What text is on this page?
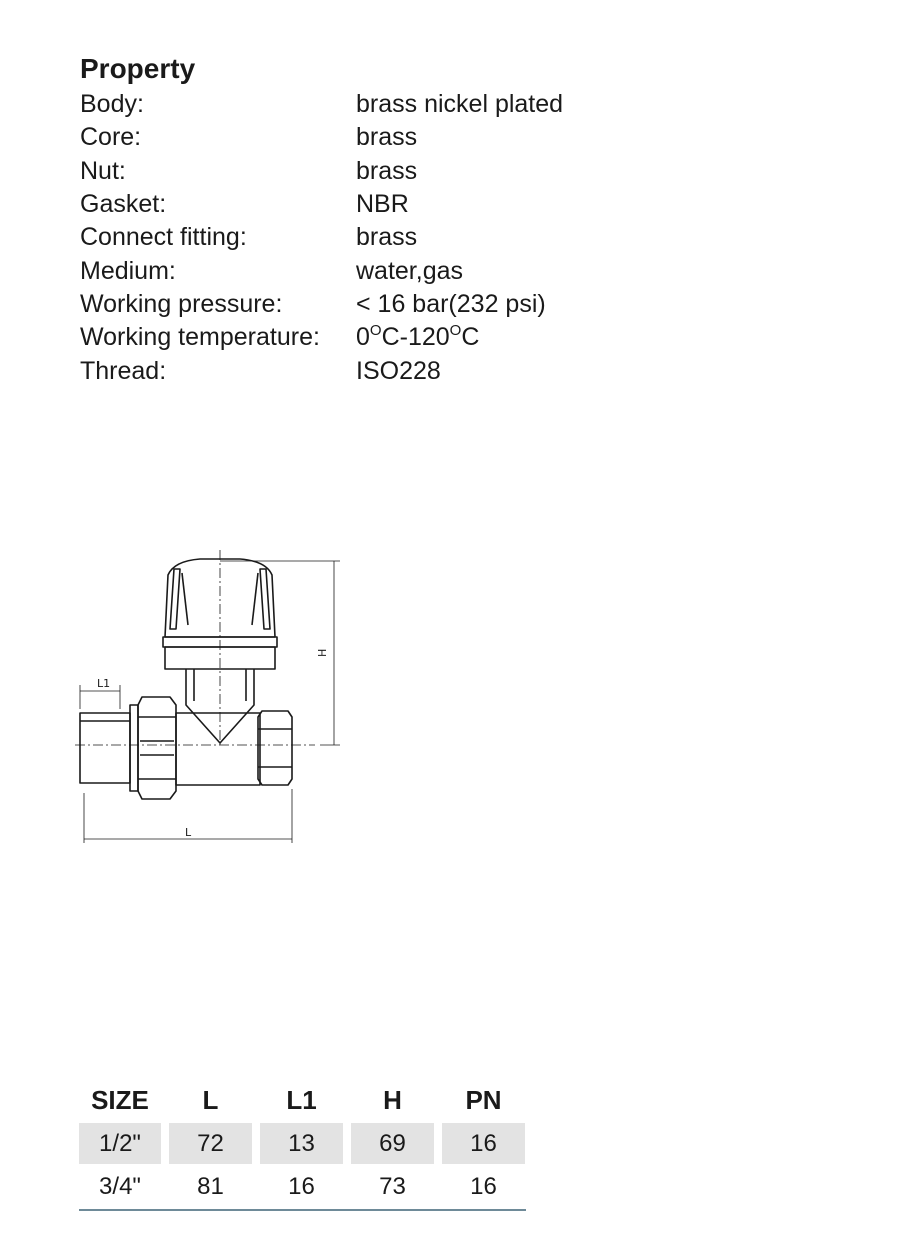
Property
Body:	brass nickel plated
Core:	brass
Nut:	brass
Gasket:	NBR
Connect fitting:	brass
Medium:	water,gas
Working pressure:	< 16 bar(232 psi)
Working temperature:	$0^OC-120^OC$
Thread:	ISO228
L1
L
H
SIZE	L	L1	H	PN
1/2"	72	13	69	16
3/4"	81	16	73	16
